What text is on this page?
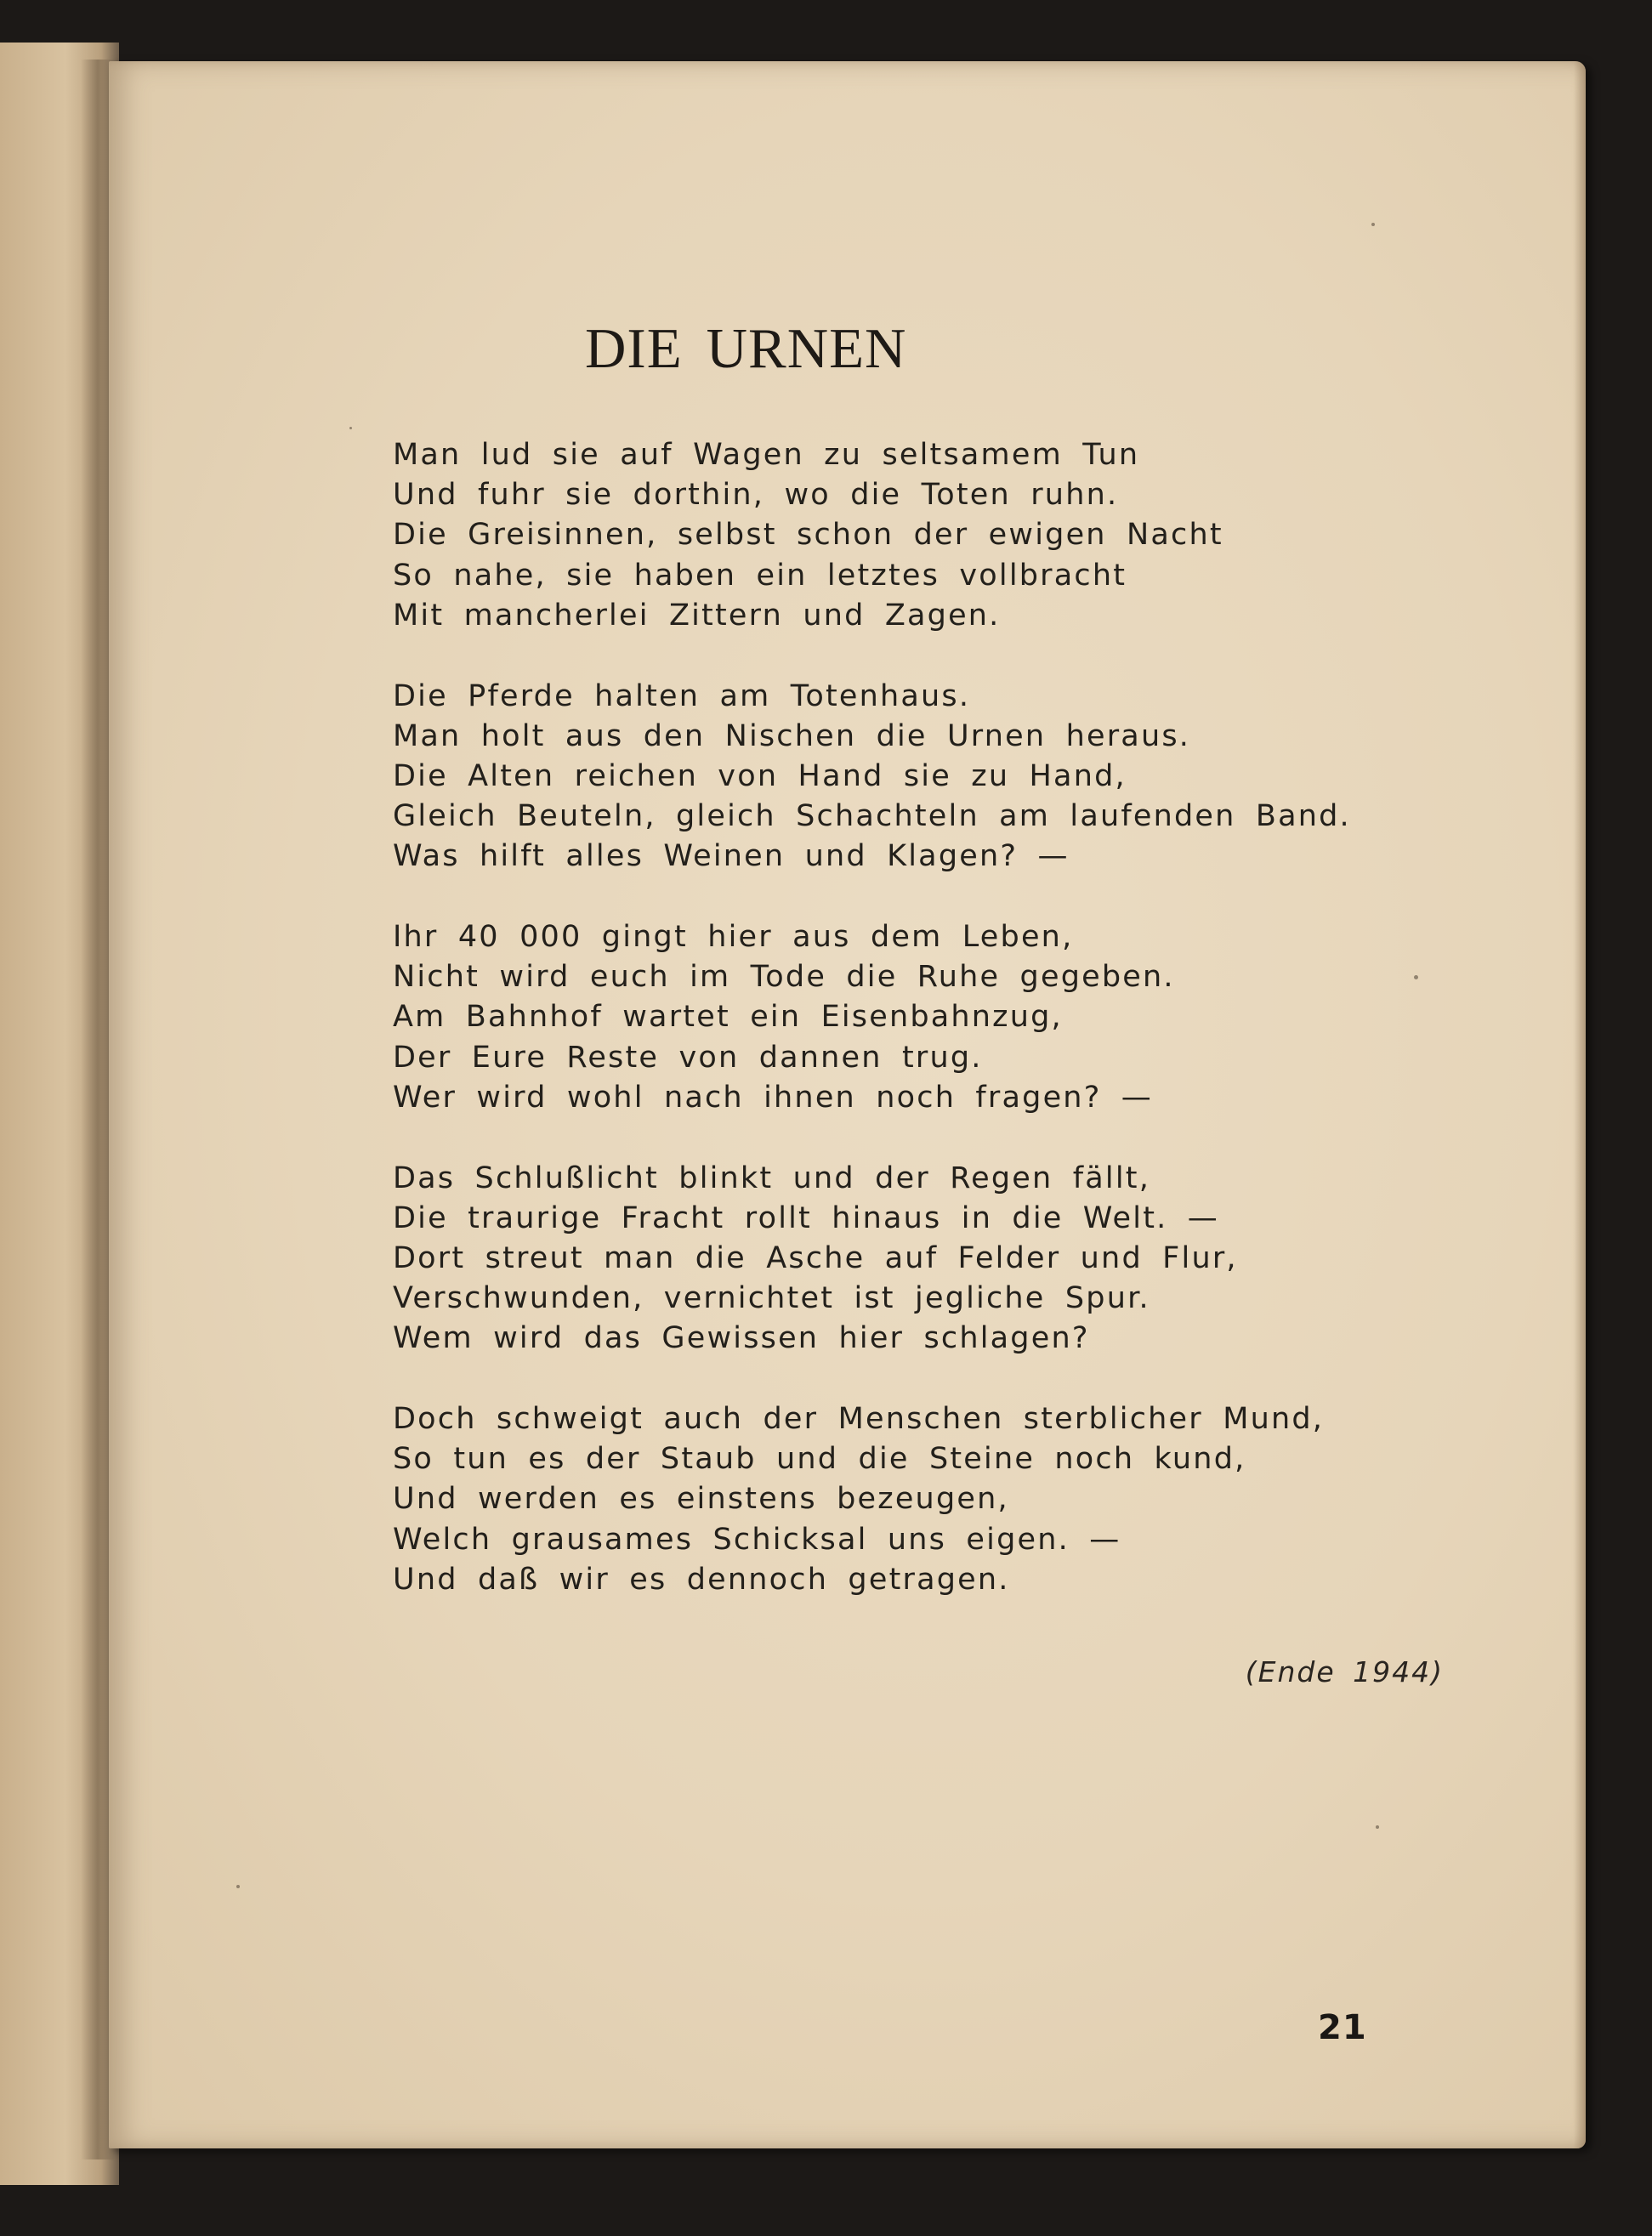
DIE URNEN
Man lud sie auf Wagen zu seltsamem Tun
Und fuhr sie dorthin, wo die Toten ruhn.
Die Greisinnen, selbst schon der ewigen Nacht
So nahe, sie haben ein letztes vollbracht
Mit mancherlei Zittern und Zagen.
Die Pferde halten am Totenhaus.
Man holt aus den Nischen die Urnen heraus.
Die Alten reichen von Hand sie zu Hand,
Gleich Beuteln, gleich Schachteln am laufenden Band.
Was hilft alles Weinen und Klagen? —
Ihr 40 000 gingt hier aus dem Leben,
Nicht wird euch im Tode die Ruhe gegeben.
Am Bahnhof wartet ein Eisenbahnzug,
Der Eure Reste von dannen trug.
Wer wird wohl nach ihnen noch fragen? —
Das Schlußlicht blinkt und der Regen fällt,
Die traurige Fracht rollt hinaus in die Welt. —
Dort streut man die Asche auf Felder und Flur,
Verschwunden, vernichtet ist jegliche Spur.
Wem wird das Gewissen hier schlagen?
Doch schweigt auch der Menschen sterblicher Mund,
So tun es der Staub und die Steine noch kund,
Und werden es einstens bezeugen,
Welch grausames Schicksal uns eigen. —
Und daß wir es dennoch getragen.
(Ende 1944)
21
